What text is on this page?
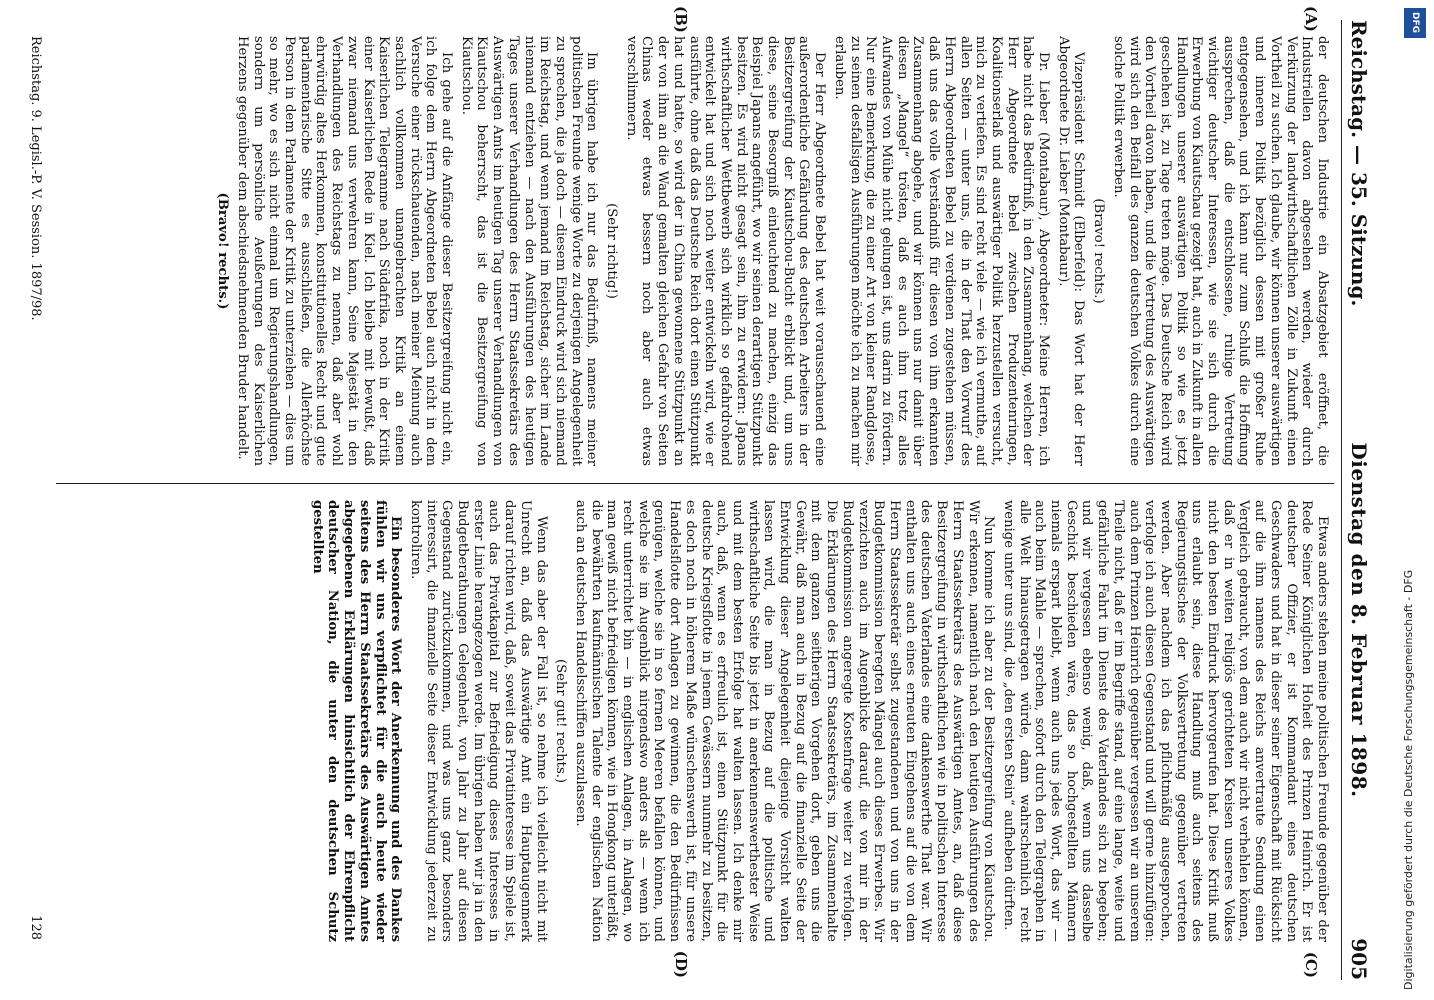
Reichstag. — 35. Sitzung.
Dienstag den 8. Februar 1898.
905
(A)
(B)
(C)
(D)

der deutschen Industrie ein Absatzgebiet eröffnet, die Industriellen davon abgesehen werden, wieder durch Verkürzung der landwirthschaftlichen Zölle in Zukunft einen Vortheil zu suchen. Ich glaube, wir können unserer auswärtigen und inneren Politik bezüglich dessen mit großer Ruhe entgegensehen, und ich kann nur zum Schluß die Hoffnung aussprechen, daß die entschlossene, ruhige Vertretung wichtiger deutscher Interessen, wie sie sich durch die Erwerbung von Kiautschau gezeigt hat, auch in Zukunft in allen Handlungen unserer auswärtigen Politik so wie es jetzt geschehen ist, zu Tage treten möge. Das Deutsche Reich wird den Vortheil davon haben, und die Vertretung des Auswärtigen wird sich den Beifall des ganzen deutschen Volkes durch eine solche Politik erwerben.

(Bravo! rechts.)

Vizepräsident Schmidt (Elberfeld): Das Wort hat der Herr Abgeordnete Dr. Lieber (Montabaur).

Dr. Lieber (Montabaur), Abgeordneter: Meine Herren, ich habe nicht das Bedürfniß, in den Zusammenhang, welchen der Herr Abgeordnete Bebel zwischen Produzentenringen, Koalitionserlaß und auswärtiger Politik herzustellen versucht, mich zu vertiefen. Es sind recht viele — wie ich vermuthe, auf allen Seiten — unter uns, die in der That den Vorwurf des Herrn Abgeordneten Bebel zu verdienen zugestehen müssen, daß uns das volle Verständniß für diesen von ihm erkannten Zusammenhang abgehe, und wir können uns nur damit über diesen „Mangel“ trösten, daß es auch ihm trotz alles Aufwandes von Mühe nicht gelungen ist, uns darin zu fördern. Nur eine Bemerkung, die zu einer Art von kleiner Randglosse, zu seinen desfallsigen Ausführungen möchte ich zu machen mir erlauben.

Der Herr Abgeordnete Bebel hat weit vorausschauend eine außerordentliche Gefährdung des deutschen Arbeiters in der Besitzergreifung der Kiautschou-Bucht erblickt und, um uns diese, seine Besorgniß einleuchtend zu machen, einzig das Beispiel Japans angeführt, wo wir seinen derartigen Stützpunkt besitzen. Es wird nicht gesagt sein, ihm zu erwidern: Japans wirthschaftlicher Wettbewerb sich wirklich so gefahrdrohend entwickelt hat und sich noch weiter entwickeln wird, wie er ausführte, ohne daß das Deutsche Reich dort einen Stützpunkt hat und hatte, so wird der in China gewonnene Stützpunkt an der von ihm an die Wand gemalten gleichen Gefahr von Seiten Chinas weder etwas bessern noch aber auch etwas verschlimmern.

(Sehr richtig!)

Im übrigen habe ich nur das Bedürfniß, namens meiner politischen Freunde wenige Worte zu derjenigen Angelegenheit zu sprechen, die ja doch — diesem Eindruck wird sich niemand im Reichstag, und wenn jemand im Reichstag, sicher im Lande niemand entziehen — nach den Ausführungen des heutigen Tages unserer Verhandlungen des Herrn Staatssekretärs des Auswärtigen Amts im heutigen Tag unserer Verhandlungen von Kiautschou beherrscht, das ist die Besitzergreifung von Kiautschou.

Ich gehe auf die Anfänge dieser Besitzergreifung nicht ein, ich folge dem Herrn Abgeordneten Bebel auch nicht in dem Versuche einer rückschauenden, nach meiner Meinung auch sachlich vollkommen unangebrachten Kritik an einem Kaiserlichen Telegramme nach Südafrika, noch in der Kritik einer Kaiserlichen Rede in Kiel. Ich bleibe mit bewußt, daß zwar niemand uns verwehren kann, Seine Majestät in den Verhandlungen des Reichstags zu nennen, daß aber wohl ehrwürdig altes Herkommen, konstitutionelles Recht und gute parlamentarische Sitte es ausschließen, die Allerhöchste Person in dem Parlamente der Kritik zu unterziehen — dies um so mehr, wo es sich nicht einmal um Regierungshandlungen, sondern um persönliche Aeußerungen des Kaiserlichen Herzens gegenüber dem abschiedsnehmenden Bruder handelt.

(Bravo! rechts.)

Etwas anders stehen meine politischen Freunde gegenüber der Rede Seiner Königlichen Hoheit des Prinzen Heinrich. Er ist deutscher Offizier, er ist Kommandant eines deutschen Geschwaders und hat in dieser seiner Eigenschaft mit Rücksicht auf die ihm namens des Reichs anvertraute Sendung einen Vergleich gebraucht, von dem auch wir nicht verhehlen können, daß er in weiten religiös gerichteten Kreisen unseres Volkes nicht den besten Eindruck hervorgerufen hat. Diese Kritik muß uns erlaubt sein, diese Handlung muß auch seitens des Regierungstisches der Volksvertretung gegenüber vertreten werden. Aber nachdem ich das pflichtmäßig ausgesprochen, verfolge ich auch diesen Gegenstand und will gerne hinzufügen: auch dem Prinzen Heinrich gegenüber vergessen wir an unserem Theile nicht, daß er im Begriffe stand, auf eine lange, weite und gefährliche Fahrt im Dienste des Vaterlandes sich zu begeben; und wir vergessen ebenso wenig, daß, wenn uns dasselbe Geschick beschieden wäre, das so hochgestellten Männern niemals erspart bleibt, wenn auch uns jedes Wort, das wir — auch beim Mahle — sprechen, sofort durch den Telegraphen in alle Welt hinausgetragen würde, dann wahrscheinlich recht wenige unter uns sind, die „den ersten Stein“ aufheben dürften.

Nun komme ich aber zu der Besitzergreifung von Kiautschou. Wir erkennen, namentlich nach den heutigen Ausführungen des Herrn Staatssekretärs des Auswärtigen Amtes, an, daß diese Besitzergreifung in wirthschaftlichen wie in politischen Interesse des deutschen Vaterlandes eine dankenswerthe That war. Wir enthalten uns auch eines erneuten Eingehens auf die von dem Herrn Staatssekretär selbst zugestandenen und von uns in der Budgetkommission beregten Mängel auch dieses Erwerbes. Wir verzichten auch im Augenblicke darauf, die von mir in der Budgetkommission angeregte Kostenfrage weiter zu verfolgen. Die Erklärungen des Herrn Staatssekretärs, im Zusammenhalte mit dem ganzen seitherigen Vorgehen dort, geben uns die Gewähr, daß man auch in Bezug auf die finanzielle Seite der Entwicklung dieser Angelegenheit diejenige Vorsicht walten lassen wird, die man in Bezug auf die politische und wirthschaftliche Seite bis jetzt in anerkennenswerthester Weise und mit dem besten Erfolge hat walten lassen. Ich denke mir auch, daß, wenn es erfreulich ist, einen Stützpunkt für die deutsche Kriegsflotte in jenem Gewässern nunmehr zu besitzen, es doch noch in höherem Maße wünschenswerth ist, für unsere Handelsflotte dort Anlagen zu gewinnen, die den Bedürfnissen genügen, welche sie in so fernen Meeren befallen können, und welche sie im Augenblick nirgendswo anders als — wenn ich recht unterrichtet bin — in englischen Anlagen, in Anlagen, wo man gewiß nicht befriedigen können, wie in Hongkong unterläßt, die bewährten kaufmännischen Talente der englischen Nation auch an deutschen Handelsschiffen auszulassen.

(Sehr gut! rechts.)

Wenn das aber der Fall ist, so nehme ich vielleicht nicht mit Unrecht an, daß das Auswärtige Amt ein Hauptaugenmerk darauf richten wird, daß, soweit das Privatinteresse im Spiele ist, auch das Privatkapital zur Befriedigung dieses Interesses in erster Linie herangezogen werde. Im übrigen haben wir ja in den Budgetberathungen Gelegenheit, von Jahr zu Jahr auf diesen Gegenstand zurückzukommen, und was uns ganz besonders interessirt, die finanzielle Seite dieser Entwicklung jederzeit zu kontroliren.

Ein besonderes Wort der Anerkennung und des Dankes fühlen wir uns verpflichtet für die auch heute wieder seitens des Herrn Staatssekretärs des Auswärtigen Amtes abgegebenen Erklärungen hinsichtlich der Ehrenpflicht deutscher Nation, die unter den deutschen Schutz gestellten

Reichstag. 9. Legisl.-P. V. Session. 1897/98.
128
DFG
Digitalisierung gefördert durch die Deutsche Forschungsgemeinschaft - DFG
